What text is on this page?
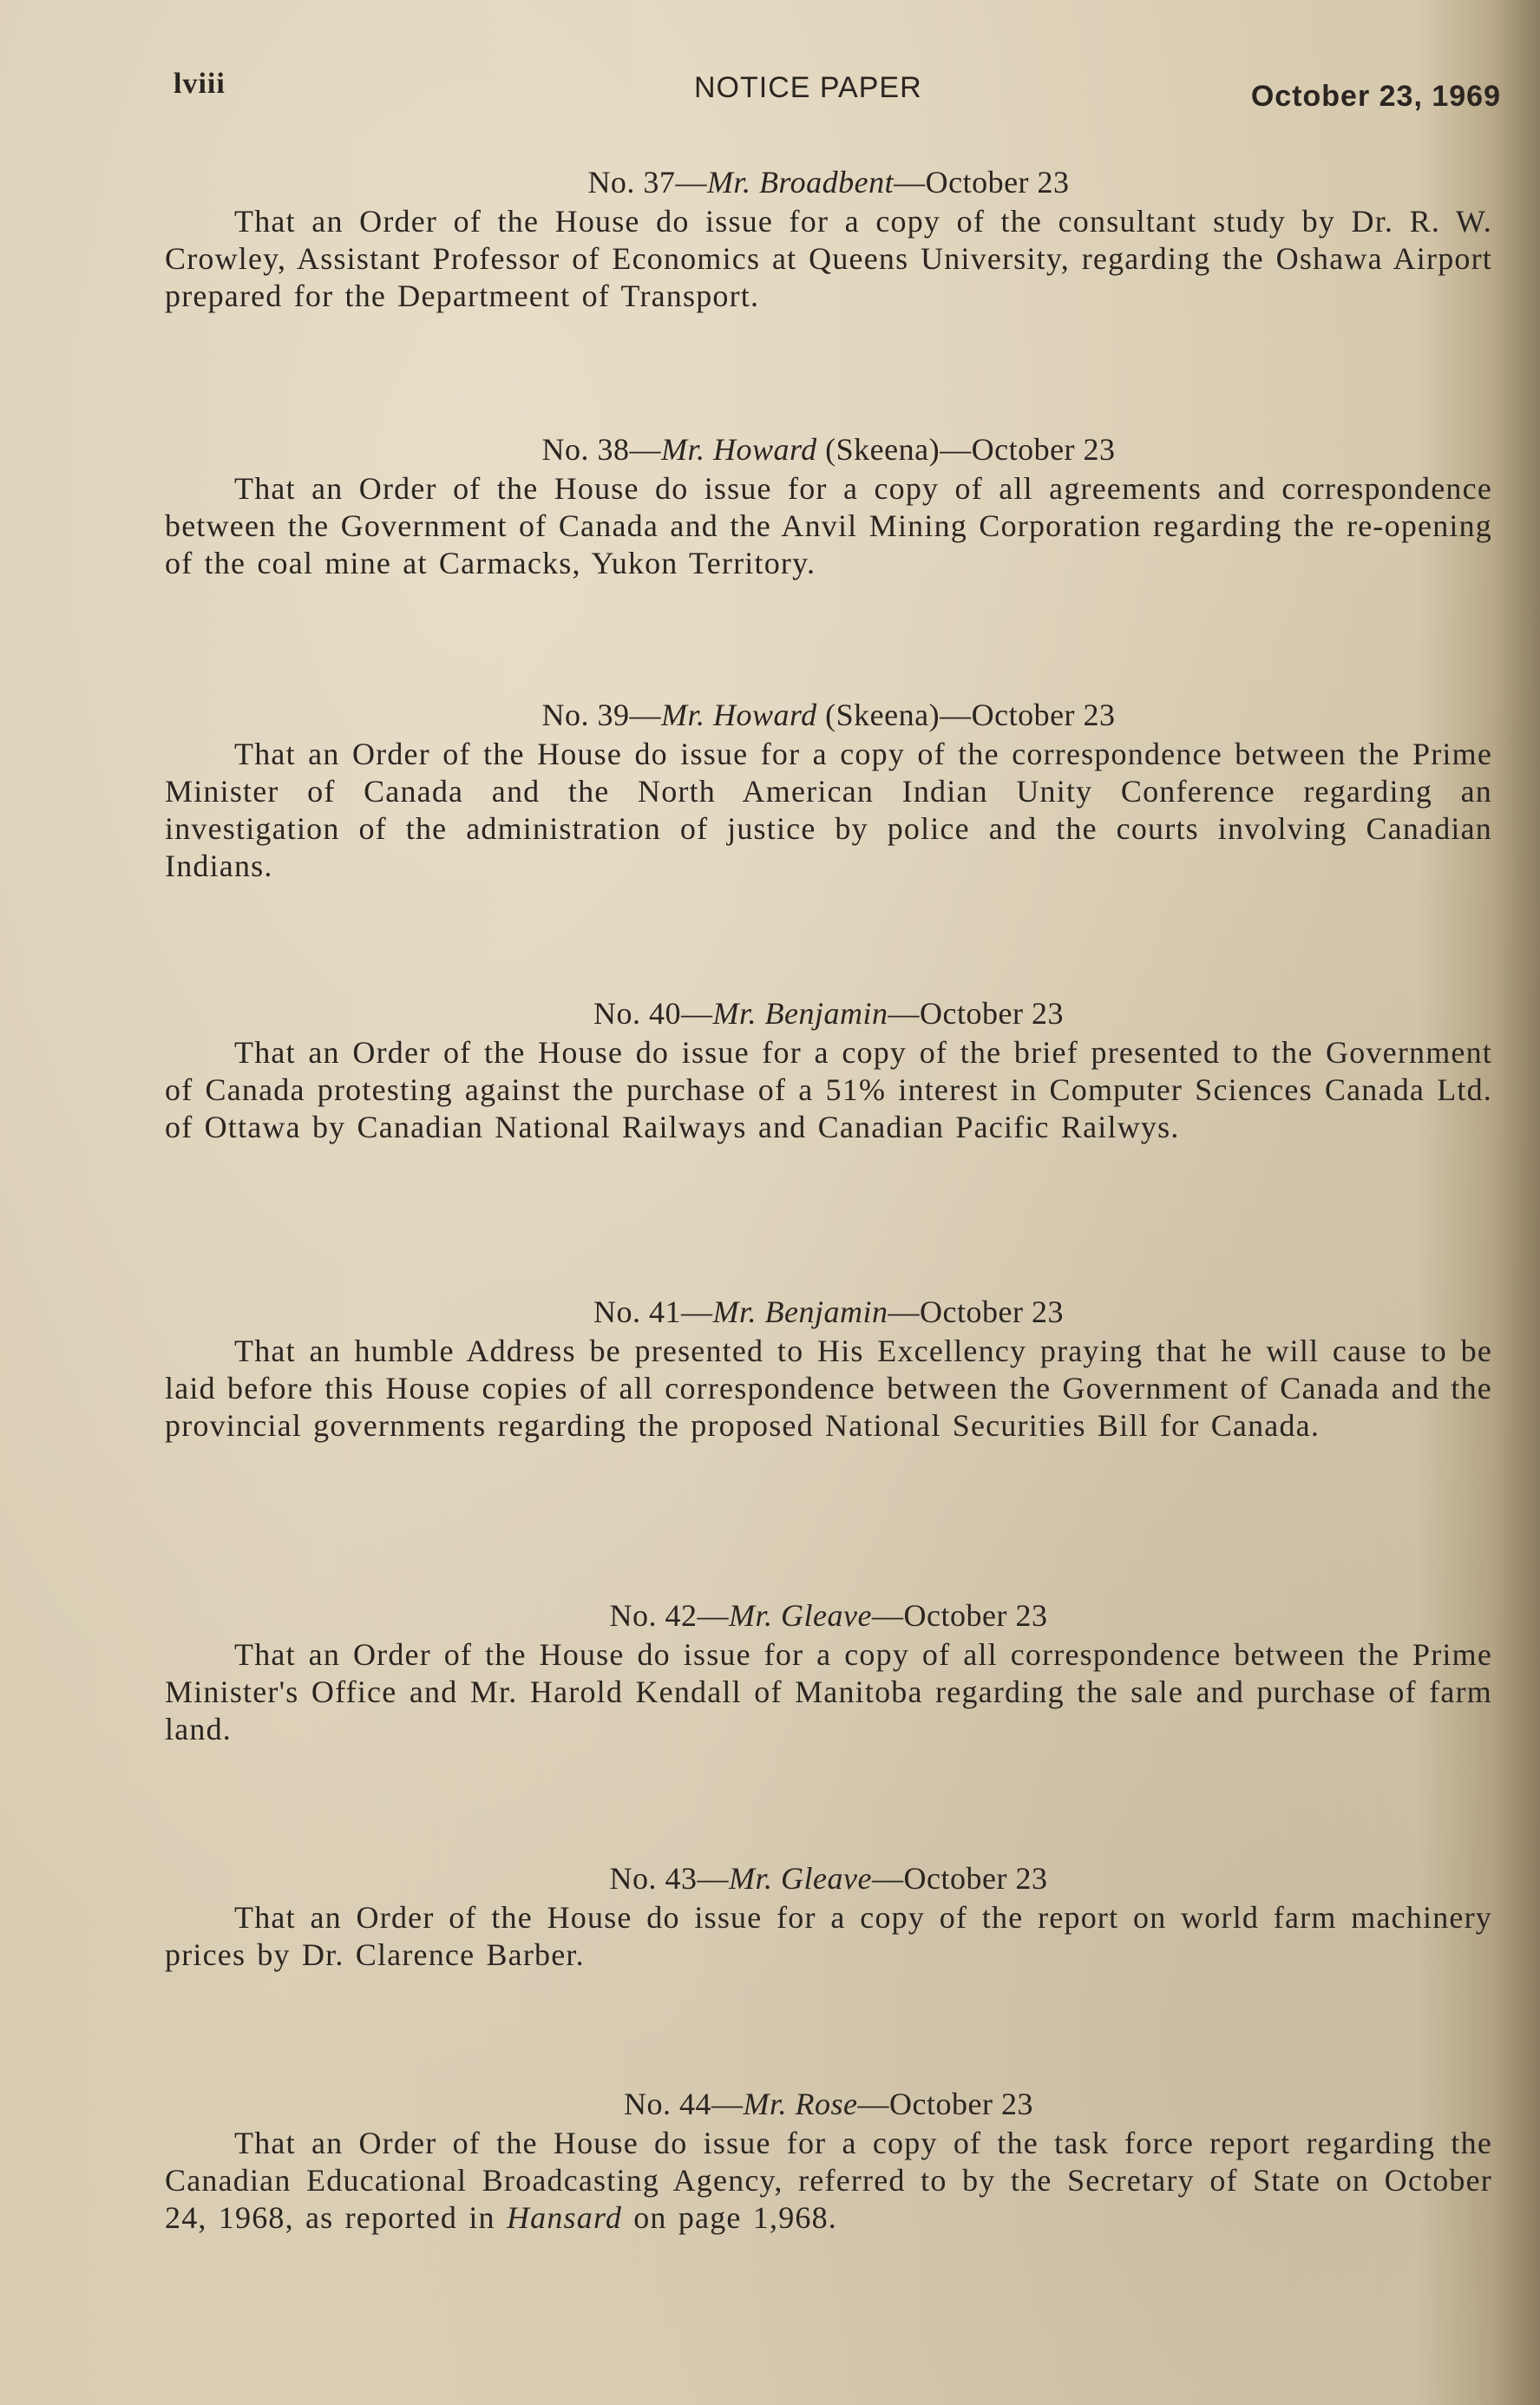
lviii	NOTICE PAPER	October 23, 1969
No. 37—Mr. Broadbent—October 23

That an Order of the House do issue for a copy of the consultant study by Dr. R. W. Crowley, Assistant Professor of Economics at Queens University, regarding the Oshawa Airport prepared for the Departmeent of Transport.

No. 38—Mr. Howard (Skeena)—October 23

That an Order of the House do issue for a copy of all agreements and correspondence between the Government of Canada and the Anvil Mining Corporation regarding the re-opening of the coal mine at Carmacks, Yukon Territory.

No. 39—Mr. Howard (Skeena)—October 23

That an Order of the House do issue for a copy of the correspondence between the Prime Minister of Canada and the North American Indian Unity Conference regarding an investigation of the administration of justice by police and the courts involving Canadian Indians.

No. 40—Mr. Benjamin—October 23

That an Order of the House do issue for a copy of the brief presented to the Government of Canada protesting against the purchase of a 51% interest in Computer Sciences Canada Ltd. of Ottawa by Canadian National Railways and Canadian Pacific Railwys.

No. 41—Mr. Benjamin—October 23

That an humble Address be presented to His Excellency praying that he will cause to be laid before this House copies of all correspondence between the Government of Canada and the provincial governments regarding the proposed National Securities Bill for Canada.

No. 42—Mr. Gleave—October 23

That an Order of the House do issue for a copy of all correspondence between the Prime Minister's Office and Mr. Harold Kendall of Manitoba regarding the sale and purchase of farm land.

No. 43—Mr. Gleave—October 23

That an Order of the House do issue for a copy of the report on world farm machinery prices by Dr. Clarence Barber.

No. 44—Mr. Rose—October 23

That an Order of the House do issue for a copy of the task force report regarding the Canadian Educational Broadcasting Agency, referred to by the Secretary of State on October 24, 1968, as reported in Hansard on page 1,968.
